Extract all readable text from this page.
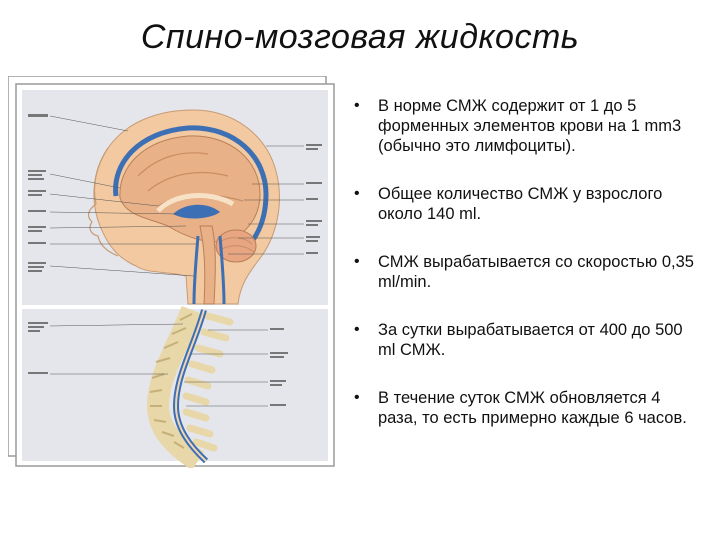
Спино-мозговая жидкость
• В норме СМЖ содержит от 1 до 5 форменных элементов крови на 1 mm3 (обычно это лимфоциты).
• Общее количество СМЖ у взрослого около 140 ml.
• СМЖ вырабатывается со скоростью 0,35 ml/min.
• За сутки вырабатывается от 400 до 500 ml СМЖ.
• В течение суток СМЖ обновляется 4 раза, то есть примерно каждые 6 часов.
